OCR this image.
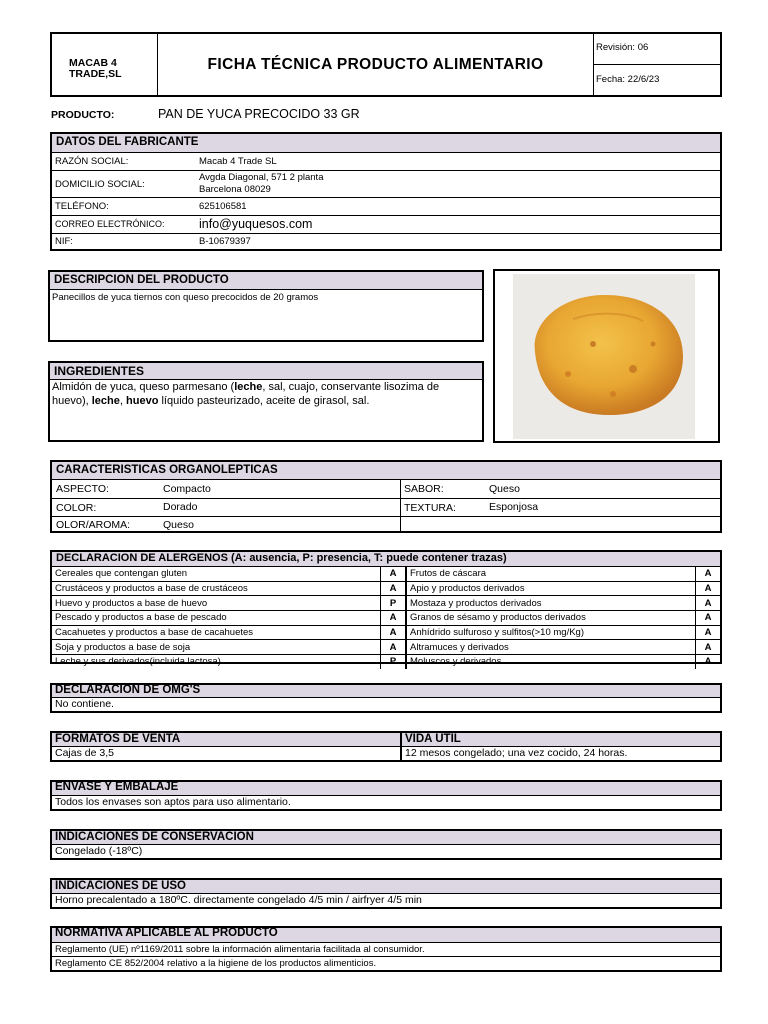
MACAB 4 TRADE,SL
FICHA TÉCNICA PRODUCTO ALIMENTARIO
Revisión: 06
Fecha: 22/6/23
PRODUCTO:	PAN DE YUCA PRECOCIDO 33 GR
DATOS DEL FABRICANTE
RAZÓN SOCIAL:	Macab 4 Trade SL
DOMICILIO SOCIAL:
Avgda Diagonal, 571 2 planta
Barcelona 08029
TELÉFONO:	625106581
CORREO ELECTRÓNICO:	info@yuquesos.com
NIF:	B-10679397
DESCRIPCION DEL PRODUCTO
Panecillos de yuca tiernos con queso precocidos de 20 gramos
INGREDIENTES
Almidón de yuca, queso parmesano (leche, sal, cuajo, conservante lisozima de huevo), leche, huevo líquido pasteurizado, aceite de girasol, sal.
CARACTERISTICAS ORGANOLEPTICAS
ASPECTO:	Compacto	SABOR:	Queso
COLOR:	Dorado	TEXTURA:	Esponjosa
OLOR/AROMA:	Queso
DECLARACION DE ALERGENOS (A: ausencia, P: presencia, T: puede contener trazas)
Cereales que contengan gluten	A	Frutos de cáscara	A
Crustáceos y productos a base de crustáceos	A	Apio y productos derivados	A
Huevo y productos a base de huevo	P	Mostaza y productos derivados	A
Pescado y productos a base de pescado	A	Granos de sésamo y productos derivados	A
Cacahuetes y productos a base de cacahuetes	A	Anhídrido sulfuroso y sulfitos(>10 mg/Kg)	A
Soja y productos a base de soja	A	Altramuces y derivados	A
Leche y sus derivados(incluida lactosa)	P	Moluscos y derivados	A
DECLARACION DE OMG'S
No contiene.
FORMATOS DE VENTA
Cajas de 3,5
VIDA UTIL
12 mesos congelado; una vez cocido, 24 horas.
ENVASE Y EMBALAJE
Todos los envases son aptos para uso alimentario.
INDICACIONES DE CONSERVACION
Congelado (-18ºC)
INDICACIONES DE USO
Horno precalentado a 180ºC. directamente congelado 4/5 min / airfryer 4/5 min
NORMATIVA APLICABLE AL PRODUCTO
Reglamento (UE) nº1169/2011 sobre la información alimentaria facilitada al consumidor.
Reglamento CE 852/2004 relativo a la higiene de los productos alimenticios.
